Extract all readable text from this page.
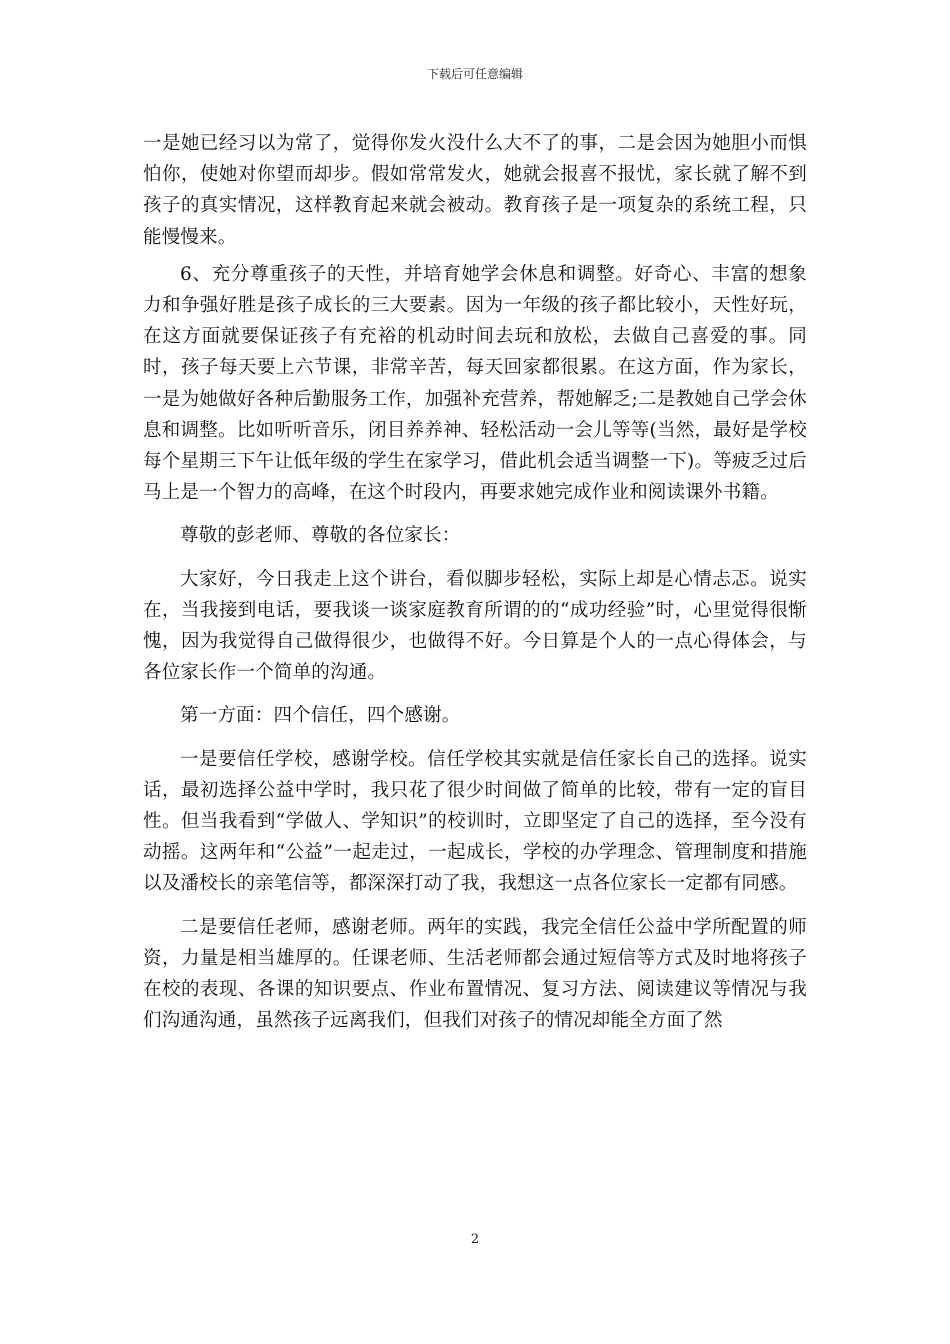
下载后可任意编辑

一是她已经习以为常了，觉得你发火没什么大不了的事，二是会因为她胆小而惧怕你，使她对你望而却步。假如常常发火，她就会报喜不报忧，家长就了解不到孩子的真实情况，这样教育起来就会被动。教育孩子是一项复杂的系统工程，只能慢慢来。

6、充分尊重孩子的天性，并培育她学会休息和调整。好奇心、丰富的想象力和争强好胜是孩子成长的三大要素。因为一年级的孩子都比较小，天性好玩，在这方面就要保证孩子有充裕的机动时间去玩和放松，去做自己喜爱的事。同时，孩子每天要上六节课，非常辛苦，每天回家都很累。在这方面，作为家长，一是为她做好各种后勤服务工作，加强补充营养，帮她解乏;二是教她自己学会休息和调整。比如听听音乐，闭目养养神、轻松活动一会儿等等(当然，最好是学校每个星期三下午让低年级的学生在家学习，借此机会适当调整一下)。等疲乏过后马上是一个智力的高峰，在这个时段内，再要求她完成作业和阅读课外书籍。

尊敬的彭老师、尊敬的各位家长：

大家好，今日我走上这个讲台，看似脚步轻松，实际上却是心情忐忑。说实在，当我接到电话，要我谈一谈家庭教育所谓的的“成功经验”时，心里觉得很惭愧，因为我觉得自己做得很少，也做得不好。今日算是个人的一点心得体会，与各位家长作一个简单的沟通。

第一方面：四个信任，四个感谢。

一是要信任学校，感谢学校。信任学校其实就是信任家长自己的选择。说实话，最初选择公益中学时，我只花了很少时间做了简单的比较，带有一定的盲目性。但当我看到“学做人、学知识”的校训时，立即坚定了自己的选择，至今没有动摇。这两年和“公益”一起走过，一起成长，学校的办学理念、管理制度和措施以及潘校长的亲笔信等，都深深打动了我，我想这一点各位家长一定都有同感。

二是要信任老师，感谢老师。两年的实践，我完全信任公益中学所配置的师资，力量是相当雄厚的。任课老师、生活老师都会通过短信等方式及时地将孩子在校的表现、各课的知识要点、作业布置情况、复习方法、阅读建议等情况与我们沟通沟通，虽然孩子远离我们，但我们对孩子的情况却能全方面了然

2
